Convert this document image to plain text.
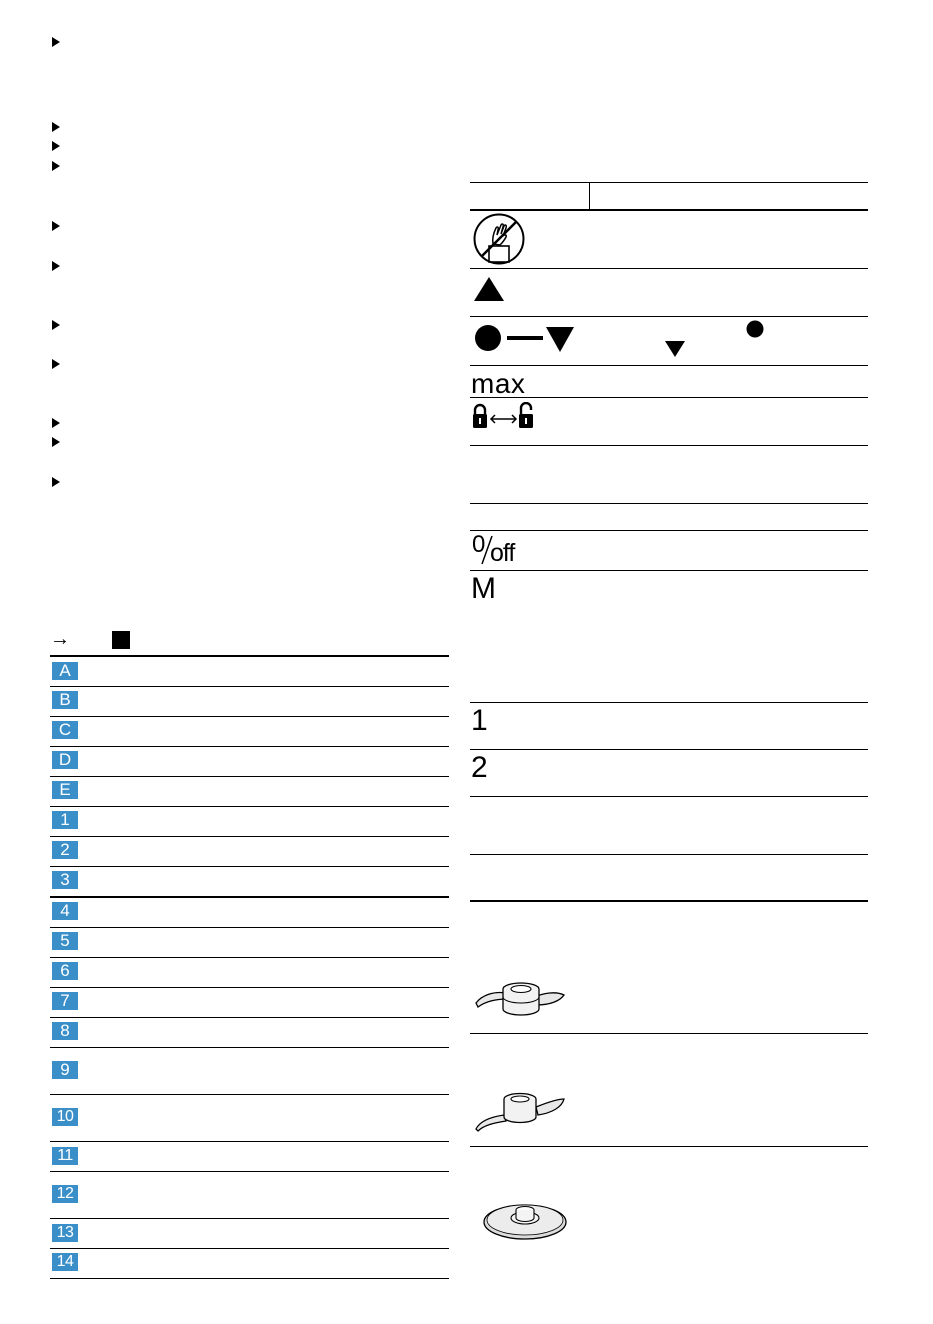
→
A
B
C
D
E
1
2
3
4
5
6
7
8
9
10
11
12
13
14
max
0 off
M
1
2
